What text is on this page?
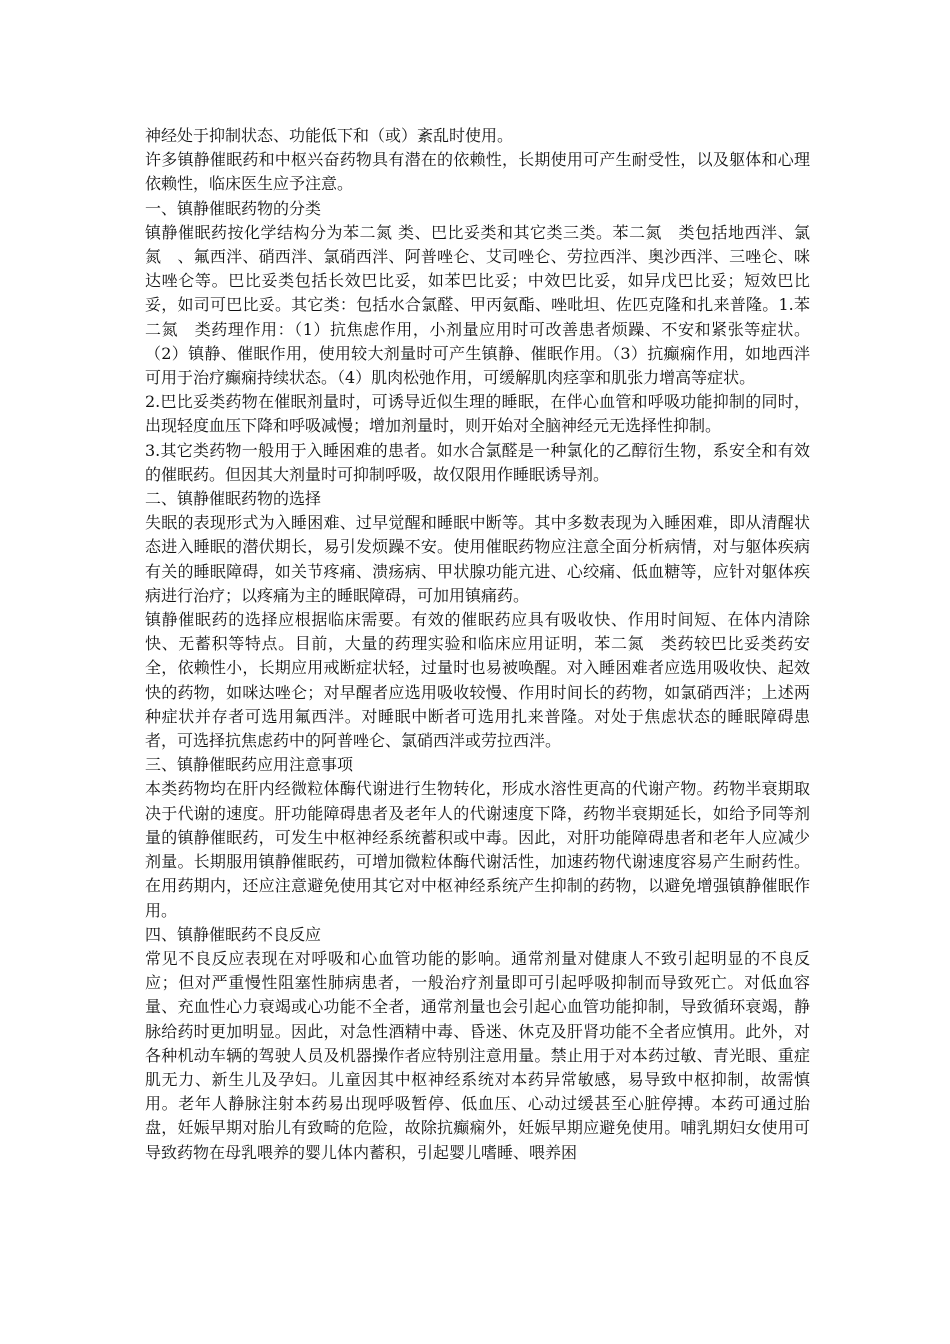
神经处于抑制状态、功能低下和（或）紊乱时使用。

许多镇静催眠药和中枢兴奋药物具有潜在的依赖性，长期使用可产生耐受性，以及躯体和心理依赖性，临床医生应予注意。

一、镇静催眠药物的分类

镇静催眠药按化学结构分为苯二氮 类、巴比妥类和其它类三类。苯二氮　类包括地西泮、氯氮　、氟西泮、硝西泮、氯硝西泮、阿普唑仑、艾司唑仑、劳拉西泮、奥沙西泮、三唑仑、咪达唑仑等。巴比妥类包括长效巴比妥，如苯巴比妥；中效巴比妥，如异戊巴比妥；短效巴比妥，如司可巴比妥。其它类：包括水合氯醛、甲丙氨酯、唑吡坦、佐匹克隆和扎来普隆。1.苯二氮　类药理作用：（1）抗焦虑作用，小剂量应用时可改善患者烦躁、不安和紧张等症状。（2）镇静、催眠作用，使用较大剂量时可产生镇静、催眠作用。（3）抗癫痫作用，如地西泮可用于治疗癫痫持续状态。（4）肌肉松弛作用，可缓解肌肉痉挛和肌张力增高等症状。

2.巴比妥类药物在催眠剂量时，可诱导近似生理的睡眠，在伴心血管和呼吸功能抑制的同时，出现轻度血压下降和呼吸减慢；增加剂量时，则开始对全脑神经元无选择性抑制。

3.其它类药物一般用于入睡困难的患者。如水合氯醛是一种氯化的乙醇衍生物，系安全和有效的催眠药。但因其大剂量时可抑制呼吸，故仅限用作睡眠诱导剂。

二、镇静催眠药物的选择

失眠的表现形式为入睡困难、过早觉醒和睡眠中断等。其中多数表现为入睡困难，即从清醒状态进入睡眠的潜伏期长，易引发烦躁不安。使用催眠药物应注意全面分析病情，对与躯体疾病有关的睡眠障碍，如关节疼痛、溃疡病、甲状腺功能亢进、心绞痛、低血糖等，应针对躯体疾病进行治疗；以疼痛为主的睡眠障碍，可加用镇痛药。

镇静催眠药的选择应根据临床需要。有效的催眠药应具有吸收快、作用时间短、在体内清除快、无蓄积等特点。目前，大量的药理实验和临床应用证明，苯二氮　类药较巴比妥类药安全，依赖性小，长期应用戒断症状轻，过量时也易被唤醒。对入睡困难者应选用吸收快、起效快的药物，如咪达唑仑；对早醒者应选用吸收较慢、作用时间长的药物，如氯硝西泮；上述两种症状并存者可选用氟西泮。对睡眠中断者可选用扎来普隆。对处于焦虑状态的睡眠障碍患者，可选择抗焦虑药中的阿普唑仑、氯硝西泮或劳拉西泮。

三、镇静催眠药应用注意事项

本类药物均在肝内经微粒体酶代谢进行生物转化，形成水溶性更高的代谢产物。药物半衰期取决于代谢的速度。肝功能障碍患者及老年人的代谢速度下降，药物半衰期延长，如给予同等剂量的镇静催眠药，可发生中枢神经系统蓄积或中毒。因此，对肝功能障碍患者和老年人应减少剂量。长期服用镇静催眠药，可增加微粒体酶代谢活性，加速药物代谢速度容易产生耐药性。在用药期内，还应注意避免使用其它对中枢神经系统产生抑制的药物，以避免增强镇静催眠作用。

四、镇静催眠药不良反应

常见不良反应表现在对呼吸和心血管功能的影响。通常剂量对健康人不致引起明显的不良反应；但对严重慢性阻塞性肺病患者，一般治疗剂量即可引起呼吸抑制而导致死亡。对低血容量、充血性心力衰竭或心功能不全者，通常剂量也会引起心血管功能抑制，导致循环衰竭，静脉给药时更加明显。因此，对急性酒精中毒、昏迷、休克及肝肾功能不全者应慎用。此外，对各种机动车辆的驾驶人员及机器操作者应特别注意用量。禁止用于对本药过敏、青光眼、重症肌无力、新生儿及孕妇。儿童因其中枢神经系统对本药异常敏感，易导致中枢抑制，故需慎用。老年人静脉注射本药易出现呼吸暂停、低血压、心动过缓甚至心脏停搏。本药可通过胎盘，妊娠早期对胎儿有致畸的危险，故除抗癫痫外，妊娠早期应避免使用。哺乳期妇女使用可导致药物在母乳喂养的婴儿体内蓄积，引起婴儿嗜睡、喂养困
